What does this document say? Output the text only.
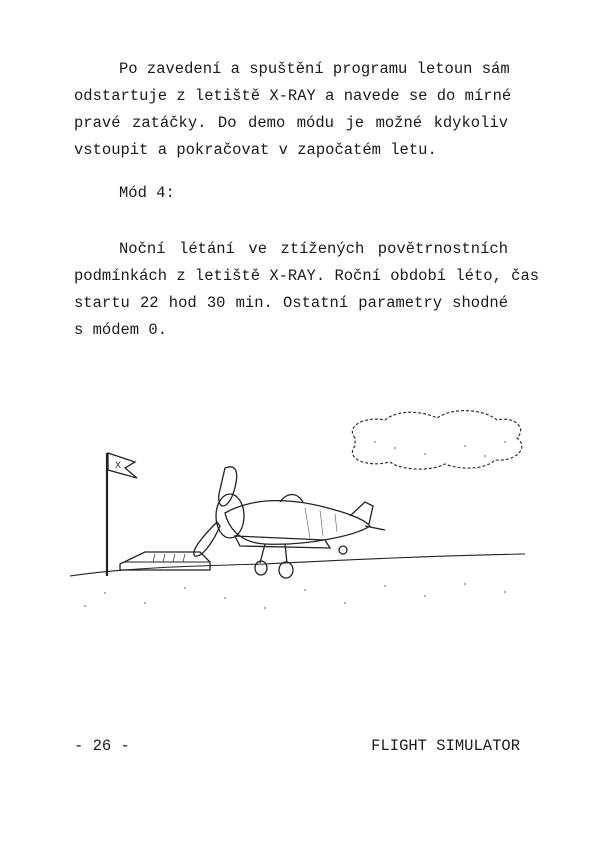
Po zavedení a spuštění programu letoun sám
odstartuje z letiště X-RAY a navede se do mírné
pravé zatáčky. Do demo módu je možné kdykoliv
vstoupit a pokračovat v započatém letu.

Mód 4:

Noční létání ve ztížených povětrnostních
podmínkách z letiště X-RAY. Roční období léto, čas
startu 22 hod 30 min. Ostatní parametry shodné
s módem 0.

X
- 26 -	FLIGHT SIMULATOR
